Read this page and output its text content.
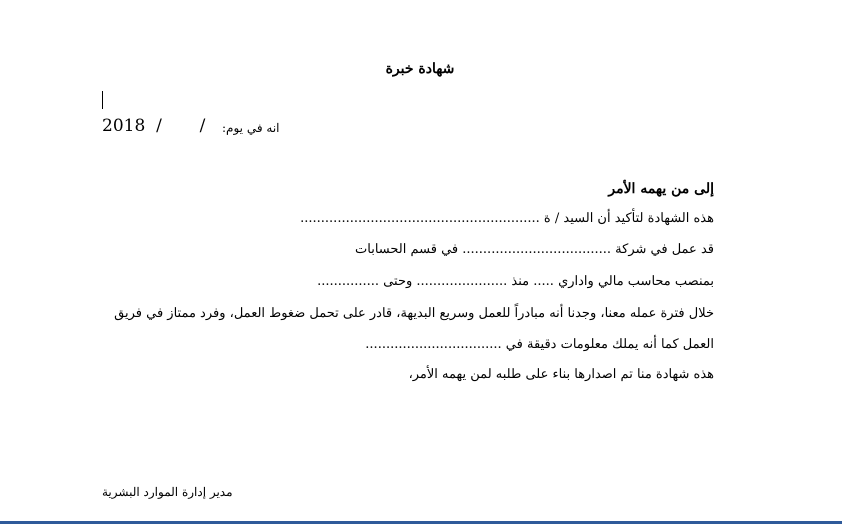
شهادة خبرة
انه في يوم:
2018  /       /
إلى من يهمه الأمر
هذه الشهادة لتأكيد أن السيد / ة ..........................................................
قد عمل في شركة .................................... في قسم الحسابات
بمنصب محاسب مالي واداري ..... منذ ...................... وحتى ...............
خلال فترة عمله معنا، وجدنا أنه مبادراً للعمل وسريع البديهة، قادر على تحمل ضغوط العمل، وفرد ممتاز في فريق
العمل كما أنه يملك معلومات دقيقة في .................................
هذه شهادة منا تم اصدارها بناء على طلبه لمن يهمه الأمر،
مدير إدارة الموارد البشرية
